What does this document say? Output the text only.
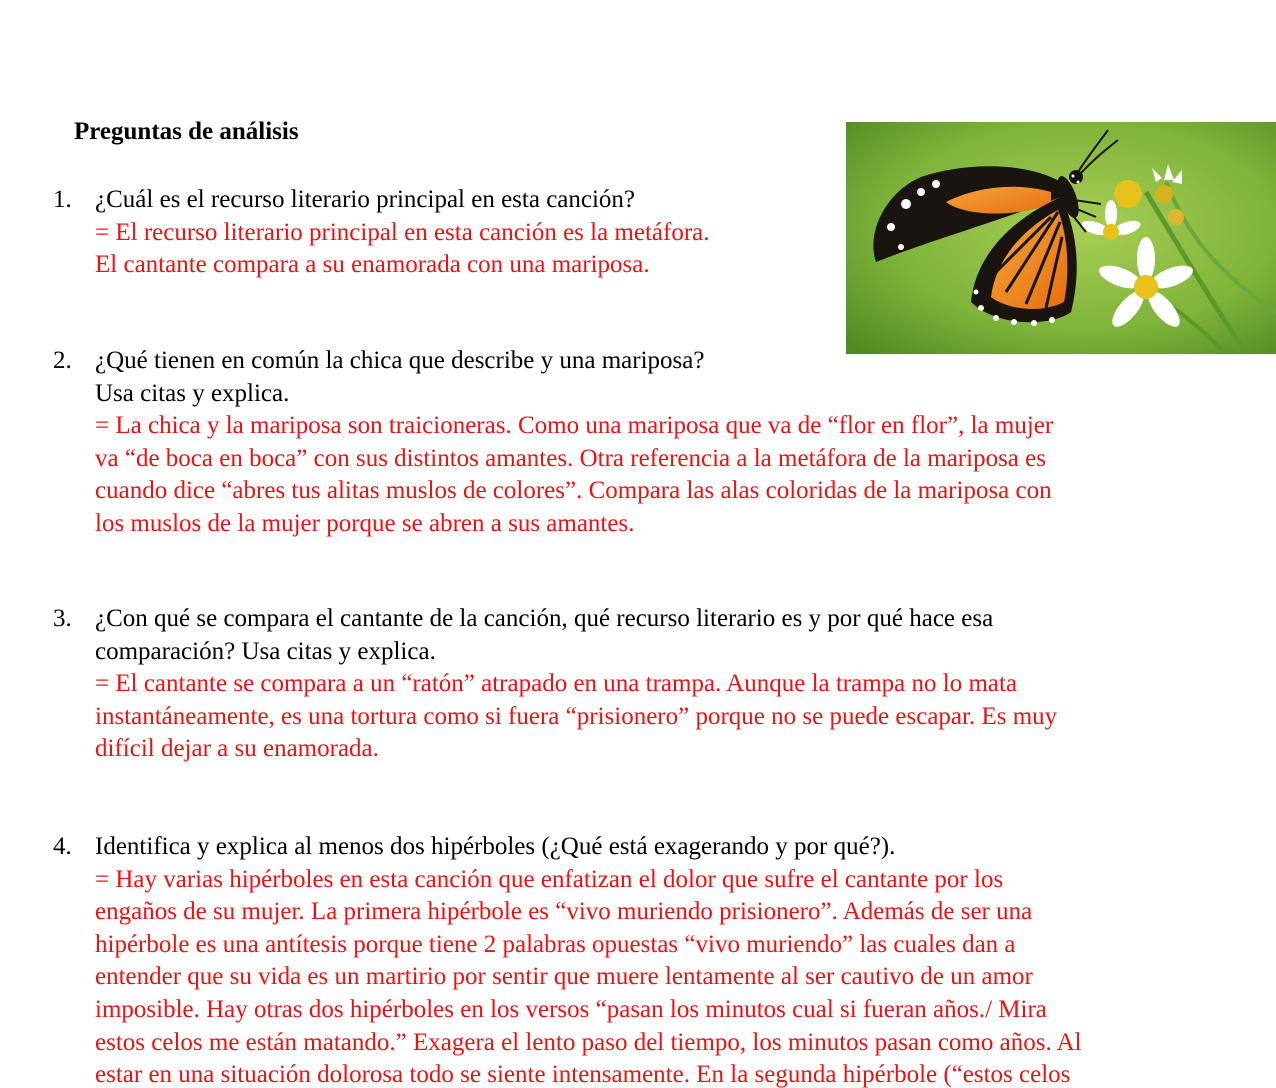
Preguntas de análisis
1. ¿Cuál es el recurso literario principal en esta canción?
= El recurso literario principal en esta canción es la metáfora.
El cantante compara a su enamorada con una mariposa.
2. ¿Qué tienen en común la chica que describe y una mariposa?
Usa citas y explica.
= La chica y la mariposa son traicioneras. Como una mariposa que va de “flor en flor”, la mujer
va “de boca en boca” con sus distintos amantes. Otra referencia a la metáfora de la mariposa es
cuando dice “abres tus alitas muslos de colores”. Compara las alas coloridas de la mariposa con
los muslos de la mujer porque se abren a sus amantes.
3. ¿Con qué se compara el cantante de la canción, qué recurso literario es y por qué hace esa
comparación? Usa citas y explica.
= El cantante se compara a un “ratón” atrapado en una trampa. Aunque la trampa no lo mata
instantáneamente, es una tortura como si fuera “prisionero” porque no se puede escapar. Es muy
difícil dejar a su enamorada.
4. Identifica y explica al menos dos hipérboles (¿Qué está exagerando y por qué?).
= Hay varias hipérboles en esta canción que enfatizan el dolor que sufre el cantante por los
engaños de su mujer. La primera hipérbole es “vivo muriendo prisionero”. Además de ser una
hipérbole es una antítesis porque tiene 2 palabras opuestas “vivo muriendo” las cuales dan a
entender que su vida es un martirio por sentir que muere lentamente al ser cautivo de un amor
imposible. Hay otras dos hipérboles en los versos “pasan los minutos cual si fueran años./ Mira
estos celos me están matando.” Exagera el lento paso del tiempo, los minutos pasan como años. Al
estar en una situación dolorosa todo se siente intensamente. En la segunda hipérbole (“estos celos
